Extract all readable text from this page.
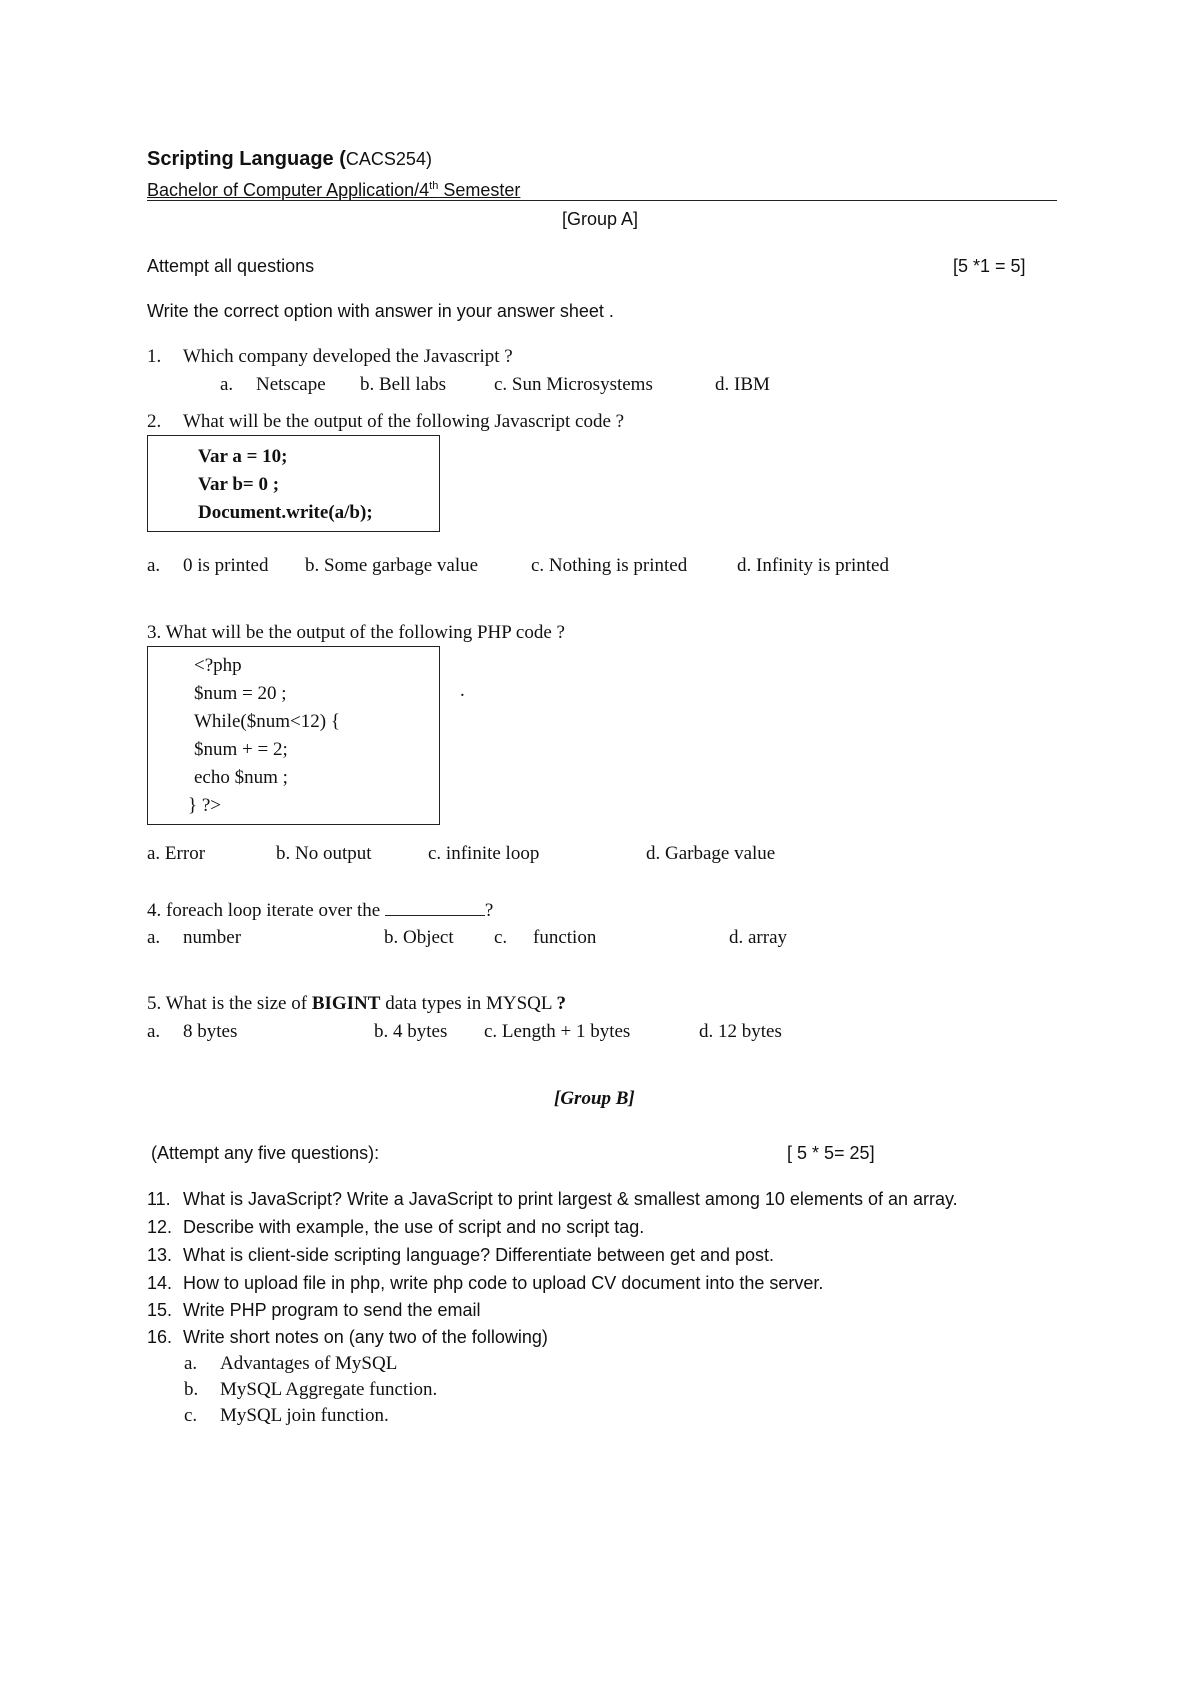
Scripting Language (CACS254)
Bachelor of Computer Application/4th Semester
[Group A]
Attempt all questions	[5 *1 = 5]
Write the correct option with answer in your answer sheet .
1. Which company developed the Javascript ?
a. Netscape b. Bell labs	c. Sun Microsystems	d. IBM
2. What will be the output of the following Javascript code ?
Var a = 10;
Var b= 0 ;
Document.write(a/b);
a. 0 is printed b. Some garbage value	c. Nothing is printed	d. Infinity is printed
3. What will be the output of the following PHP code ?
<?php
$num = 20 ;
While($num<12) {
$num + = 2;
echo $num ;
} ?>
.
a. Error	b. No output	c. infinite loop	d. Garbage value
4. foreach loop iterate over the	?
a. number	b. Object c. function	d. array
5. What is the size of BIGINT data types in MYSQL ?
a. 8 bytes	b. 4 bytes c. Length + 1 bytes	d. 12 bytes
[Group B]
(Attempt any five questions):	[ 5 * 5= 25]
11. What is JavaScript? Write a JavaScript to print largest & smallest among 10 elements of an array.
12. Describe with example, the use of script and no script tag.
13. What is client-side scripting language? Differentiate between get and post.
14. How to upload file in php, write php code to upload CV document into the server.
15. Write PHP program to send the email
16. Write short notes on (any two of the following)
a. Advantages of MySQL
b. MySQL Aggregate function.
c. MySQL join function.
